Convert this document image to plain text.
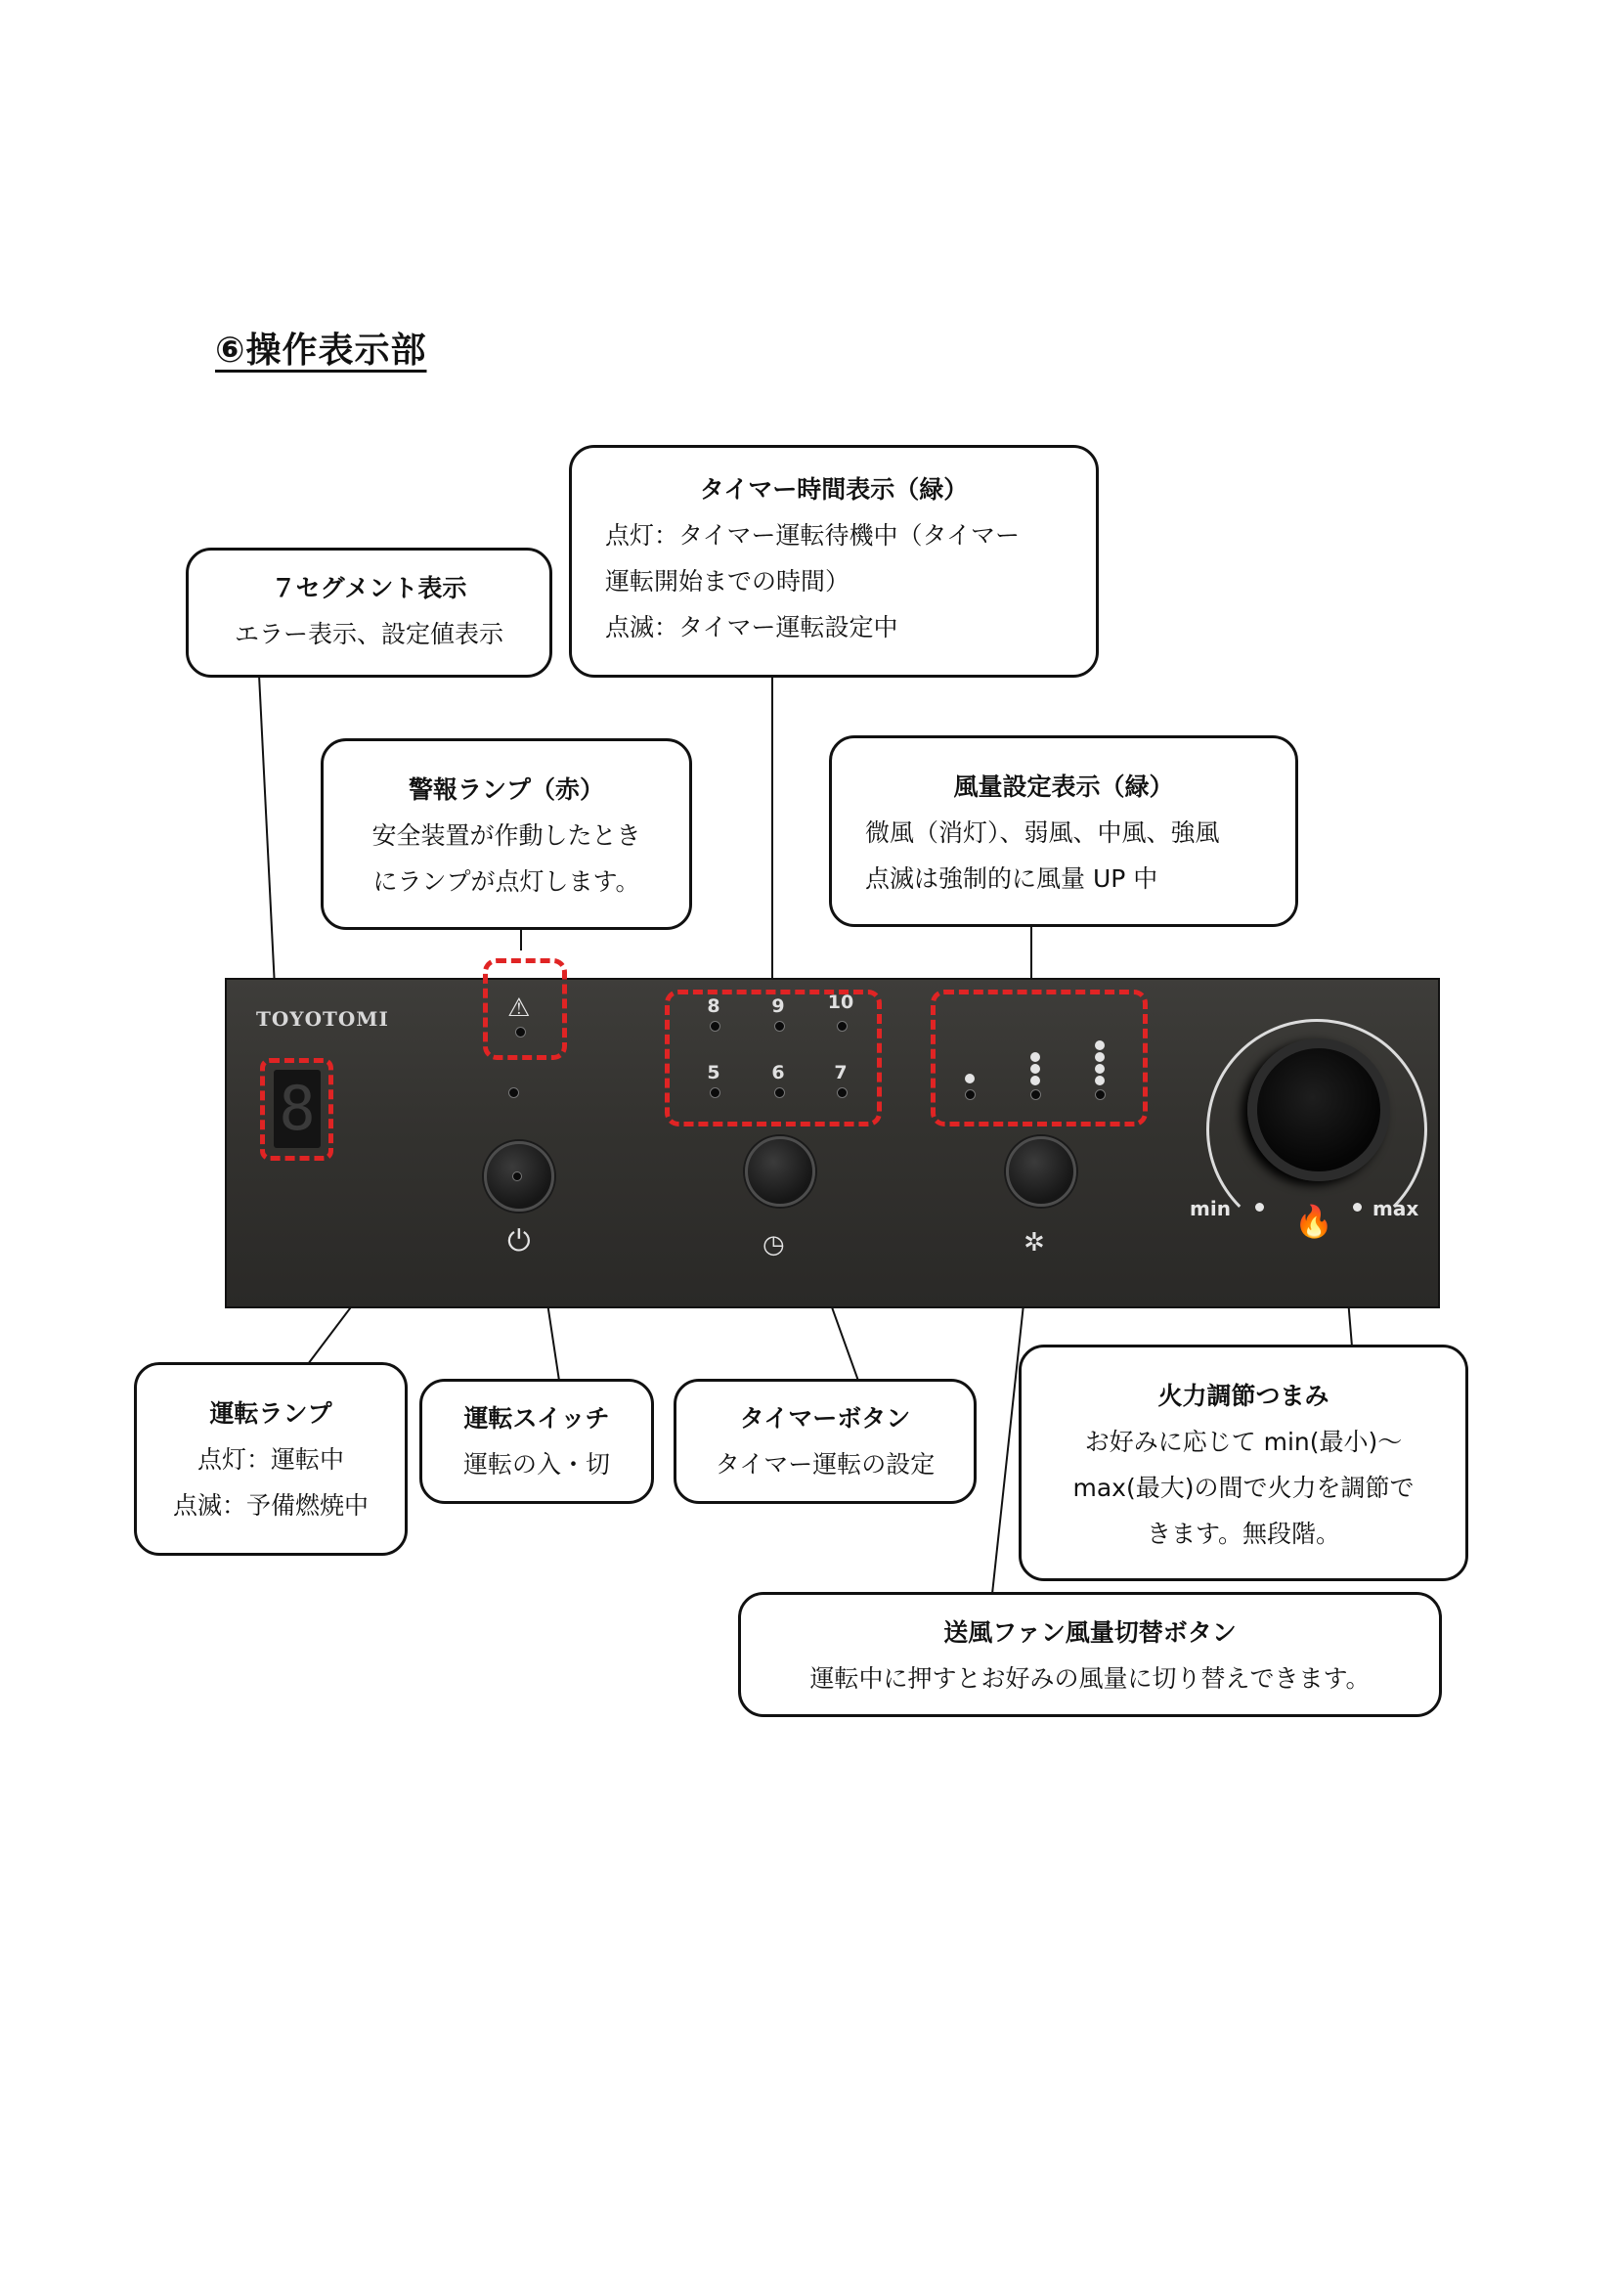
⑥操作表示部
７セグメント表示
エラー表示、設定値表示
タイマー時間表示（緑）
点灯：タイマー運転待機中（タイマー
運転開始までの時間）
点滅：タイマー運転設定中
警報ランプ（赤）
安全装置が作動したとき
にランプが点灯します。
風量設定表示（緑）
微風（消灯）、弱風、中風、強風
点滅は強制的に風量 UP 中
運転ランプ
点灯：運転中
点滅：予備燃焼中
運転スイッチ
運転の入・切
タイマーボタン
タイマー運転の設定
火力調節つまみ
お好みに応じて min(最小)～
max(最大)の間で火力を調節で
きます。無段階。
送風ファン風量切替ボタン
運転中に押すとお好みの風量に切り替えできます。
TOYOTOMI
8
⚠	8	9	10
5	6	7
⏻	◷	✲
min 🔥 max
